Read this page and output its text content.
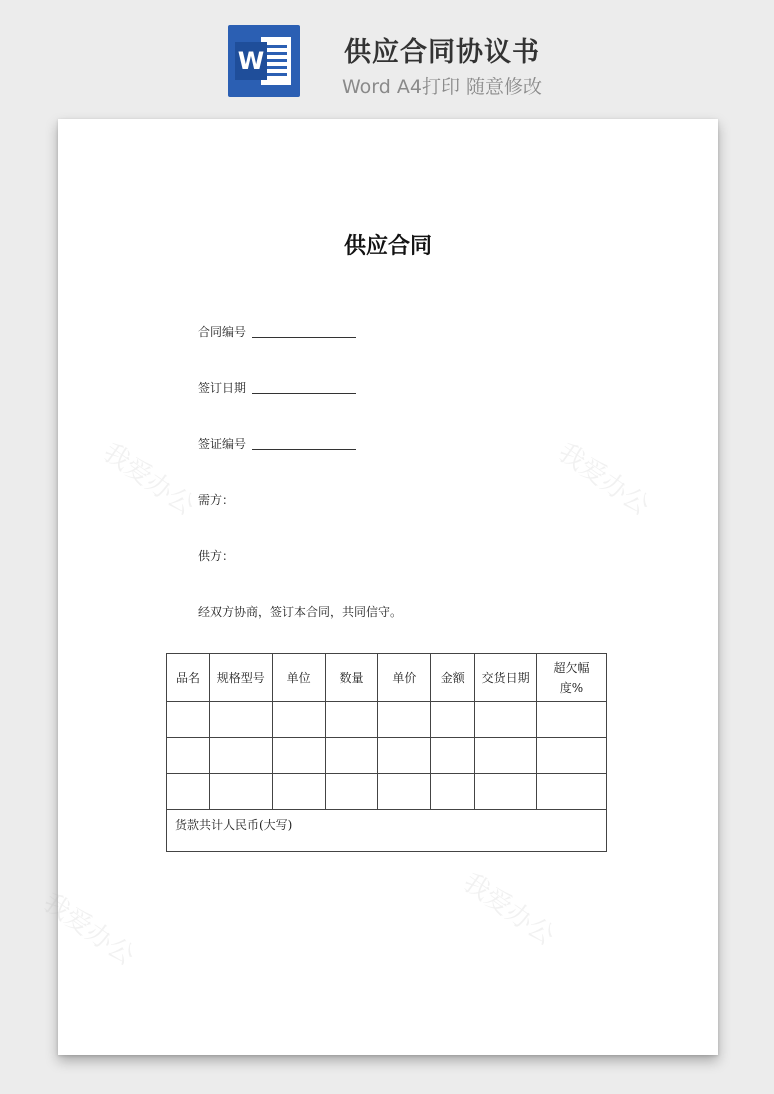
W	供应合同协议书
Word A4打印 随意修改
我爱办公	我爱办公
我爱办公
我爱办公
供应合同
合同编号
签订日期
签证编号
需方：
供方：
经双方协商，签订本合同，共同信守。
品名	规格型号	单位	数量	单价	金额	交货日期	超欠幅度%

货款共计人民币(大写)							
